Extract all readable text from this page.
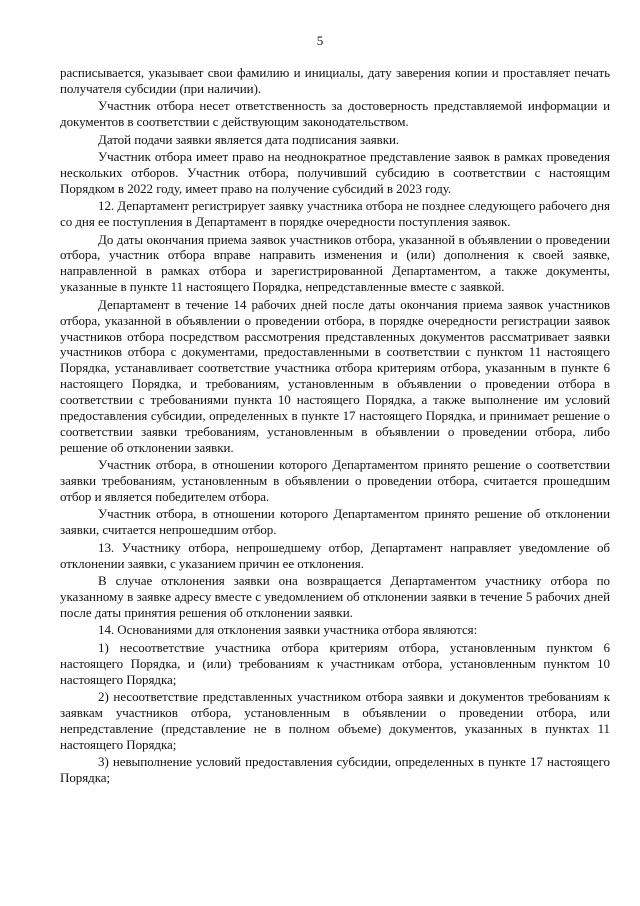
5

расписывается, указывает свои фамилию и инициалы, дату заверения копии и проставляет печать получателя субсидии (при наличии).

Участник отбора несет ответственность за достоверность представляемой информации и документов в соответствии с действующим законодательством.

Датой подачи заявки является дата подписания заявки.

Участник отбора имеет право на неоднократное представление заявок в рамках проведения нескольких отборов. Участник отбора, получивший субсидию в соответствии с настоящим Порядком в 2022 году, имеет право на получение субсидий в 2023 году.

12. Департамент регистрирует заявку участника отбора не позднее следующего рабочего дня со дня ее поступления в Департамент в порядке очередности поступления заявок.

До даты окончания приема заявок участников отбора, указанной в объявлении о проведении отбора, участник отбора вправе направить изменения и (или) дополнения к своей заявке, направленной в рамках отбора и зарегистрированной Департаментом, а также документы, указанные в пункте 11 настоящего Порядка, непредставленные вместе с заявкой.

Департамент в течение 14 рабочих дней после даты окончания приема заявок участников отбора, указанной в объявлении о проведении отбора, в порядке очередности регистрации заявок участников отбора посредством рассмотрения представленных документов рассматривает заявки участников отбора с документами, предоставленными в соответствии с пунктом 11 настоящего Порядка, устанавливает соответствие участника отбора критериям отбора, указанным в пункте 6 настоящего Порядка, и требованиям, установленным в объявлении о проведении отбора в соответствии с требованиями пункта 10 настоящего Порядка, а также выполнение им условий предоставления субсидии, определенных в пункте 17 настоящего Порядка, и принимает решение о соответствии заявки требованиям, установленным в объявлении о проведении отбора, либо решение об отклонении заявки.

Участник отбора, в отношении которого Департаментом принято решение о соответствии заявки требованиям, установленным в объявлении о проведении отбора, считается прошедшим отбор и является победителем отбора.

Участник отбора, в отношении которого Департаментом принято решение об отклонении заявки, считается непрошедшим отбор.

13. Участнику отбора, непрошедшему отбор, Департамент направляет уведомление об отклонении заявки, с указанием причин ее отклонения.

В случае отклонения заявки она возвращается Департаментом участнику отбора по указанному в заявке адресу вместе с уведомлением об отклонении заявки в течение 5 рабочих дней после даты принятия решения об отклонении заявки.

14. Основаниями для отклонения заявки участника отбора являются:

1) несоответствие участника отбора критериям отбора, установленным пунктом 6 настоящего Порядка, и (или) требованиям к участникам отбора, установленным пунктом 10 настоящего Порядка;

2) несоответствие представленных участником отбора заявки и документов требованиям к заявкам участников отбора, установленным в объявлении о проведении отбора, или непредставление (представление не в полном объеме) документов, указанных в пунктах 11 настоящего Порядка;

3) невыполнение условий предоставления субсидии, определенных в пункте 17 настоящего Порядка;
